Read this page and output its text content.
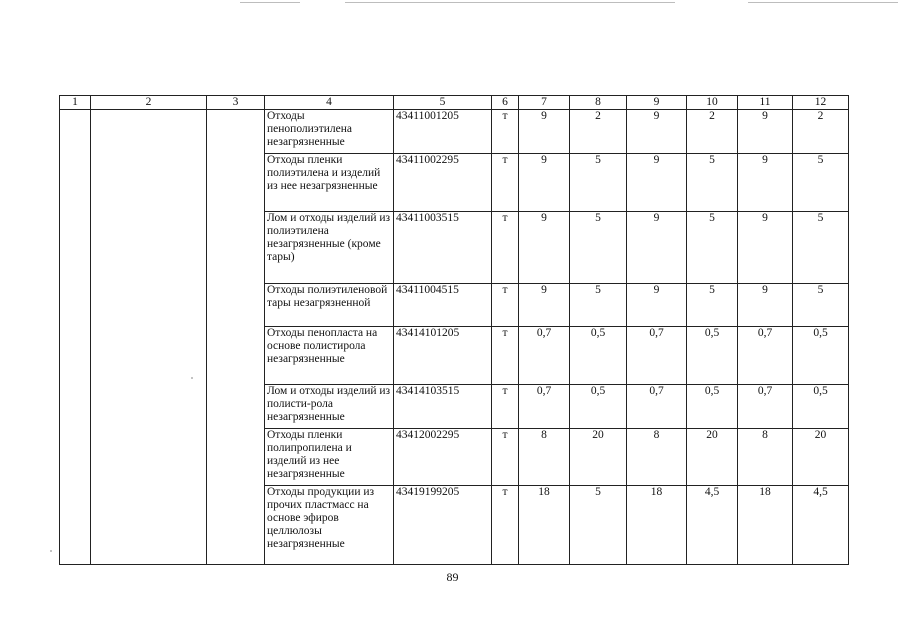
1	2	3	4	5	6	7	8	9	10	11	12
			Отходы пенополиэтилена незагрязненные	43411001205	т	9	2	9	2	9	2
			Отходы пленки полиэтилена и изделий из нее незагрязненные	43411002295	т	9	5	9	5	9	5
			Лом и отходы изделий из полиэтилена незагрязненные (кроме тары)	43411003515	т	9	5	9	5	9	5
			Отходы полиэтиленовой тары незагрязненной	43411004515	т	9	5	9	5	9	5
			Отходы пенопласта на основе полистирола незагрязненные	43414101205	т	0,7	0,5	0,7	0,5	0,7	0,5
			Лом и отходы изделий из полисти-рола незагрязненные	43414103515	т	0,7	0,5	0,7	0,5	0,7	0,5
			Отходы пленки полипропилена и изделий из нее незагрязненные	43412002295	т	8	20	8	20	8	20
			Отходы продукции из прочих пластмасс на основе эфиров целлюлозы незагрязненные	43419199205	т	18	5	18	4,5	18	4,5
89
